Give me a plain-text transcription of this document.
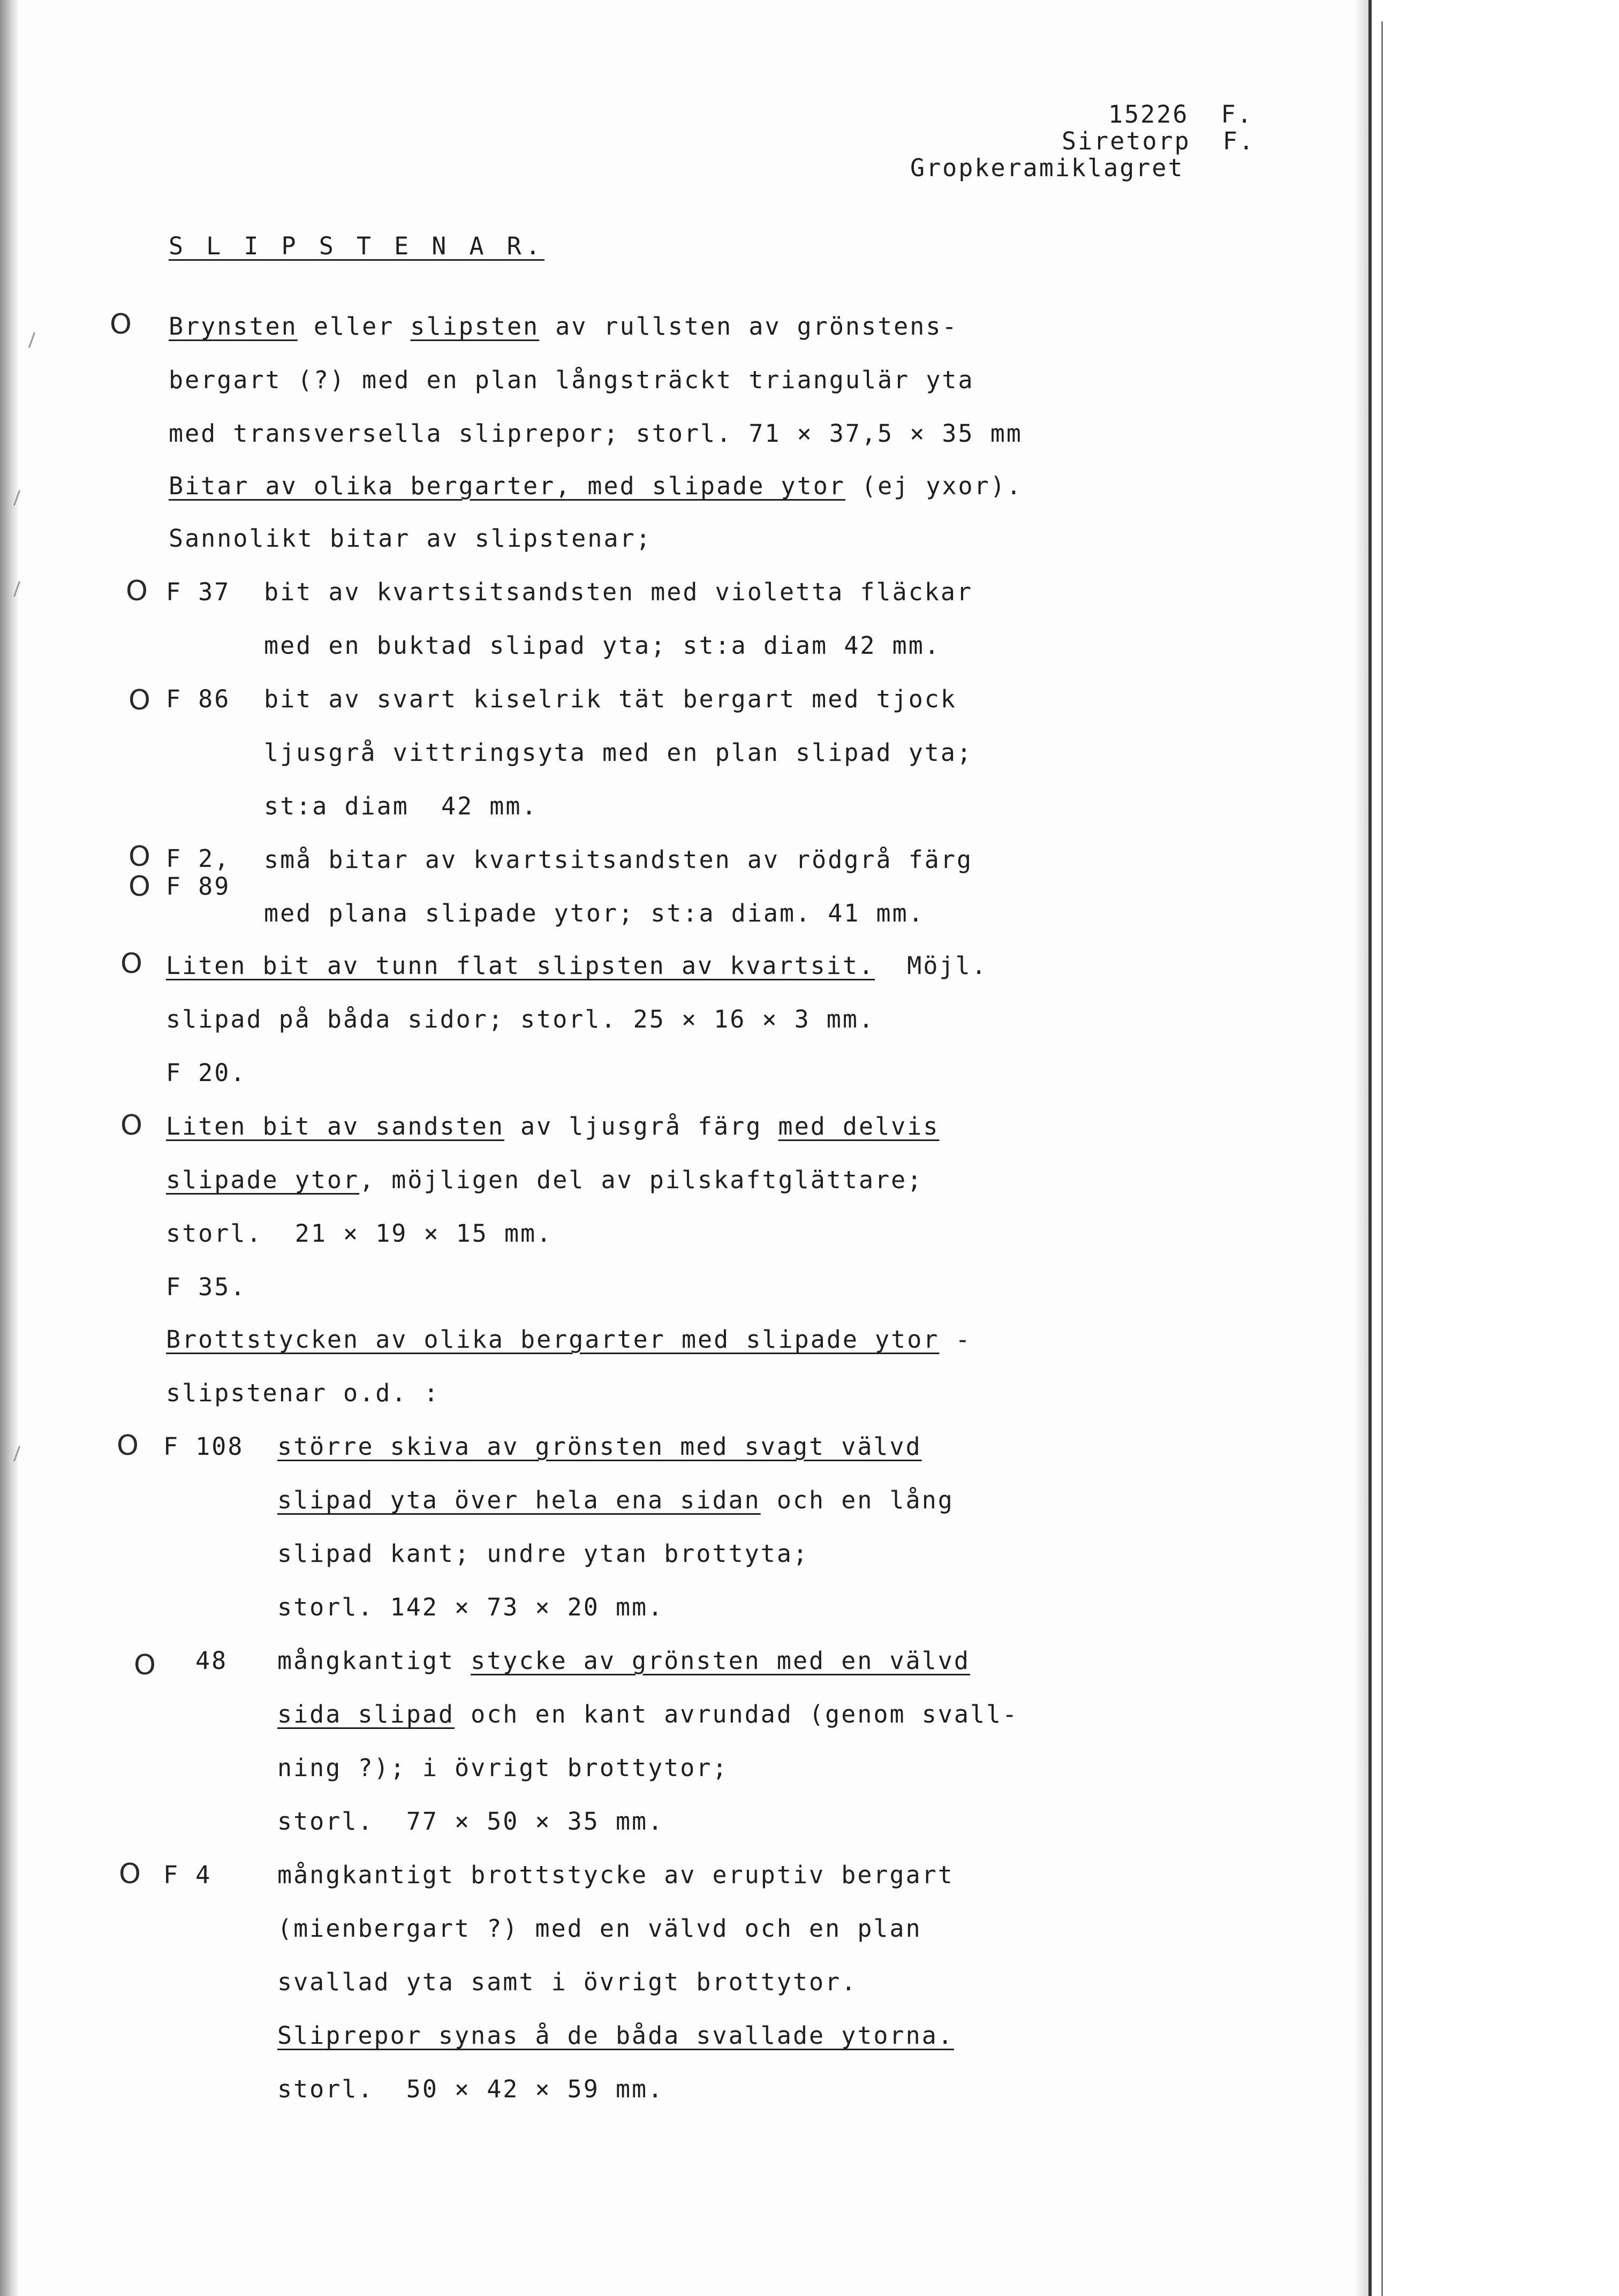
15226  F.
Siretorp  F.
Gropkeramiklagret
S L I P S T E N A R.
O Brynsten eller slipsten av rullsten av grönstens-
bergart (?) med en plan långsträckt triangulär yta
med transversella sliprepor; storl. 71 × 37,5 × 35 mm
Bitar av olika bergarter, med slipade ytor (ej yxor).
Sannolikt bitar av slipstenar;
O F 37 bit av kvartsitsandsten med violetta fläckar
med en buktad slipad yta; st:a diam 42 mm.
O F 86 bit av svart kiselrik tät bergart med tjock
ljusgrå vittringsyta med en plan slipad yta;
st:a diam  42 mm.
O
O
F 2,
F 89
små bitar av kvartsitsandsten av rödgrå färg
med plana slipade ytor; st:a diam. 41 mm.
O Liten bit av tunn flat slipsten av kvartsit.  Möjl.
slipad på båda sidor; storl. 25 × 16 × 3 mm.
F 20.
O Liten bit av sandsten av ljusgrå färg med delvis
slipade ytor, möjligen del av pilskaftglättare;
storl.  21 × 19 × 15 mm.
F 35.
Brottstycken av olika bergarter med slipade ytor -
slipstenar o.d. :
O F 108 större skiva av grönsten med svagt välvd
slipad yta över hela ena sidan och en lång
slipad kant; undre ytan brottyta;
storl. 142 × 73 × 20 mm.
O 48 mångkantigt stycke av grönsten med en välvd
sida slipad och en kant avrundad (genom svall-
ning ?); i övrigt brottytor;
storl.  77 × 50 × 35 mm.
O F 4	mångkantigt brottstycke av eruptiv bergart
(mienbergart ?) med en välvd och en plan
svallad yta samt i övrigt brottytor.
Sliprepor synas å de båda svallade ytorna.
storl.  50 × 42 × 59 mm.
